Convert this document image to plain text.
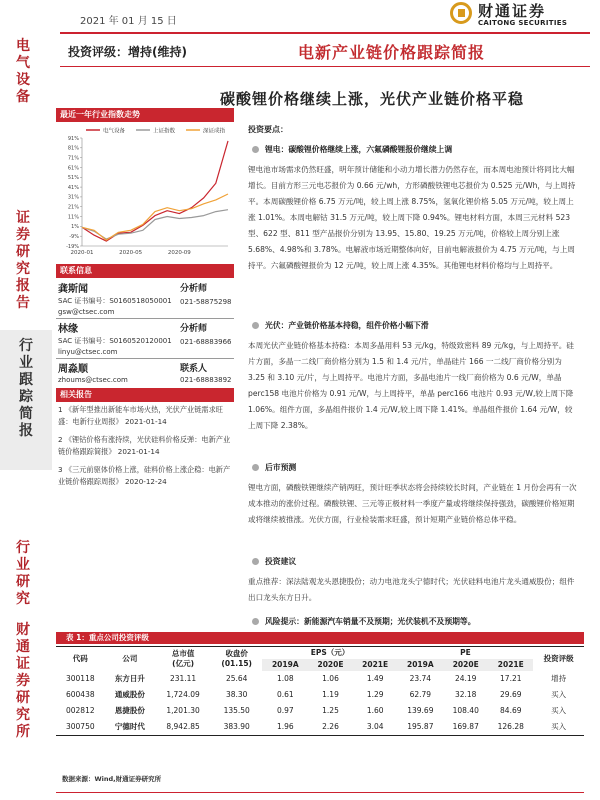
2021 年 01 月 15 日
财通证券
CAITONG SECURITIES
投资评级：增持(维持)	电新产业链价格跟踪简报
碳酸锂价格继续上涨，光伏产业链价格平稳
电
气
设
备
证
券
研
究
报
告
行
业
跟
踪
简
报
行
业
研
究
财
通
证
券
研
究
所
最近一年行业指数走势
电气设备	上证指数	深证成指
-19%
-9%
1%
11%
21%
31%
41%
51%
61%
71%
81%
91%
2020-01	2020-05	2020-09
联系信息
龚斯闻	分析师
SAC 证书编号：S0160518050001 021-58875298
gsw@ctsec.com
林缘	分析师
SAC 证书编号：S0160520120001 021-68883966
linyu@ctsec.com
周淼顺	联系人
zhoums@ctsec.com	021-68883892
相关报告
1 《新年型推出新能车市场火热，光伏产业链需求旺盛：电新行业周报》 2021-01-14
2 《锂钴价格有涨持续，光伏硅料价格反弹：电新产业链价格跟踪简报》 2021-01-14
3 《三元前驱体价格上涨，硅料价格上涨企稳：电新产业链价格跟踪周报》 2020-12-24
投资要点：
锂电：碳酸锂价格继续上涨，六氟磷酸锂报价继续上调
锂电池市场需求仍然旺盛，明年预计储能和小动力增长潜力仍然存在，而本周电池预计将同比大幅增长。目前方形三元电芯报价为 0.66 元/wh，方形磷酸铁锂电芯报价为 0.525 元/Wh，与上周持平。本周碳酸锂价格 6.75 万元/吨，较上周上涨 8.75%，氢氧化锂价格 5.05 万元/吨，较上周上涨 1.01%。本周电解钴 31.5 万元/吨，较上周下降 0.94%。锂电材料方面，本周三元材料 523 型、622 型、811 型产品报价分别为 13.95、15.80、19.25 万元/吨，价格较上周分别上涨 5.68%、4.98%和 3.78%。电解液市场近期整体向好，目前电解液报价为 4.75 万元/吨，与上周持平。六氟磷酸锂报价为 12 元/吨，较上周上涨 4.35%。其他锂电材料价格均与上周持平。
光伏：产业链价格基本持稳，组件价格小幅下滑
本周光伏产业链价格基本持稳：本周多晶用料 53 元/kg，特级致密料 89 元/kg，与上周持平。硅片方面，多晶一二线厂商价格分别为 1.5 和 1.4 元/片，单晶硅片 166 一二线厂商价格分别为 3.25 和 3.10 元/片，与上周持平。电池片方面，多晶电池片一线厂商价格为 0.6 元/W，单晶 perc158 电池片价格为 0.91 元/W，与上周持平，单晶 perc166 电池片 0.93 元/W,较上周下降 1.06%。组件方面，多晶组件报价 1.4 元/W,较上周下降 1.41%。单晶组件报价 1.64 元/W，较上周下降 2.38%。
后市预测
锂电方面，磷酸铁锂继续产销两旺，预计旺季状态将会持续较长时间，产业链在 1 月份会再有一次成本推动的涨价过程。磷酸铁锂、三元等正极材料一季度产量或将继续保持强劲，碳酸锂价格短期或将继续被推涨。光伏方面，行业检装需求旺盛，预计短期产业链价格总体平稳。
投资建议
重点推荐：深法陆观龙头恩捷股份；动力电池龙头宁德时代；光伏硅料电池片龙头通威股份；组件出口龙头东方日升。
风险提示：新能源汽车销量不及预期；光伏装机不及预期等。
表 1：重点公司投资评级
代码	公司	总市值
(亿元)	收盘价
(01.15)	EPS（元）			PE			投资评级
				2019A	2020E	2021E	2019A	2020E	2021E	
300118	东方日升	231.11	25.64	1.08	1.06	1.49	23.74	24.19	17.21	增持
600438	通威股份	1,724.09	38.30	0.61	1.19	1.29	62.79	32.18	29.69	买入
002812	恩捷股份	1,201.30	135.50	0.97	1.25	1.60	139.69	108.40	84.69	买入
300750	宁德时代	8,942.85	383.90	1.96	2.26	3.04	195.87	169.87	126.28	买入
数据来源：Wind,财通证券研究所
